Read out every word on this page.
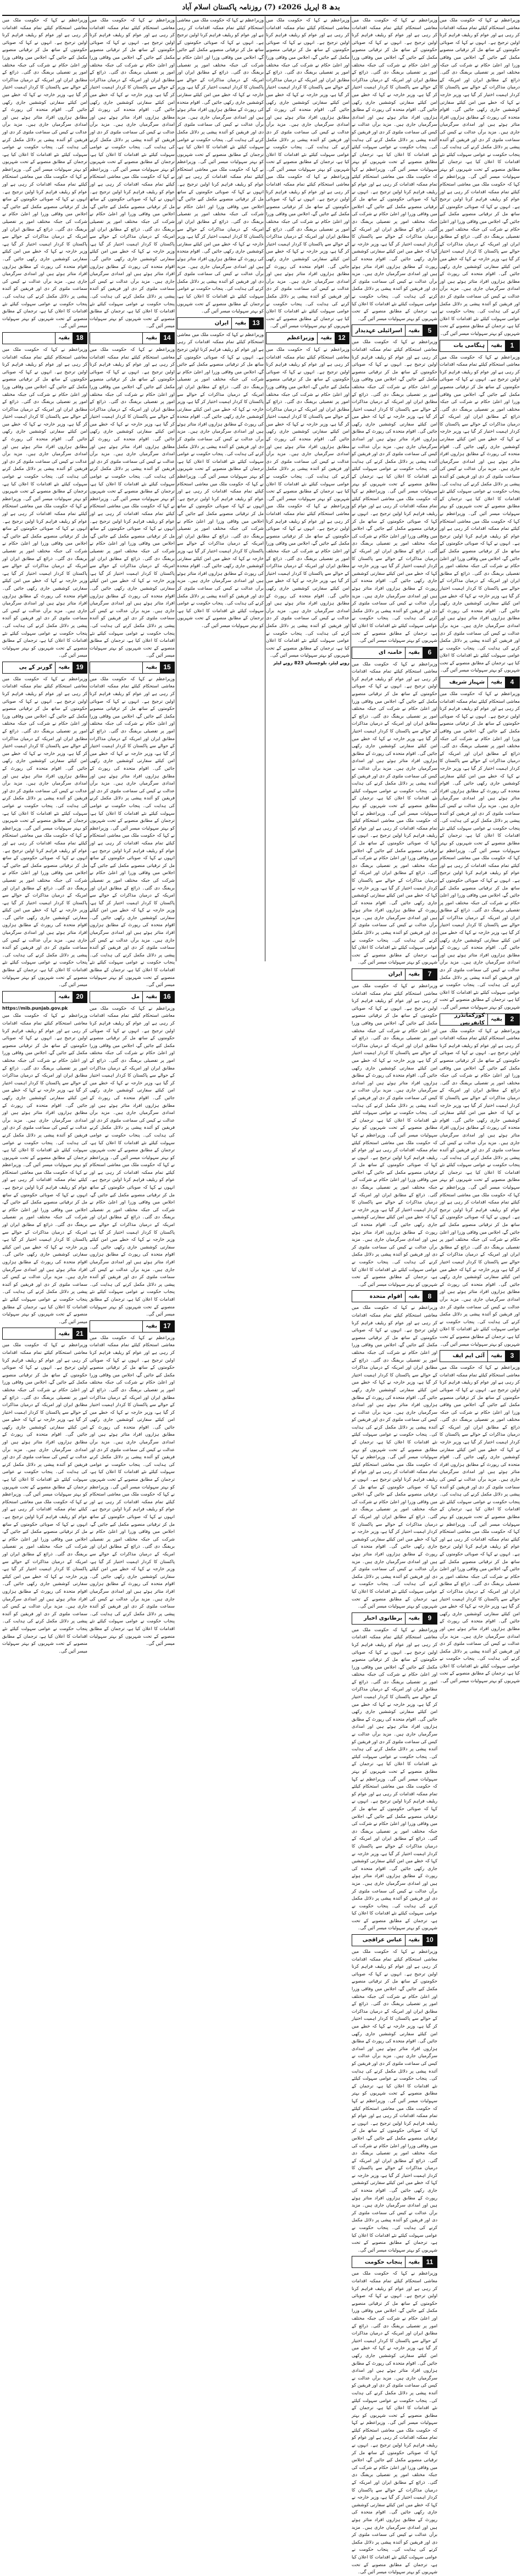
بدھ 8 اپریل 2026ء (7) روزنامہ پاکستان اسلام آباد

وزیراعظم نے کہا کہ حکومت ملک میں معاشی استحکام کیلئے تمام ممکنہ اقدامات کر رہی ہے اور عوام کو ریلیف فراہم کرنا اولین ترجیح ہے۔ انہوں نے کہا کہ صوبائی حکومتوں کے ساتھ مل کر ترقیاتی منصوبے مکمل کیے جائیں گے، اجلاس میں وفاقی وزرا اور اعلیٰ حکام نے شرکت کی جبکہ مختلف امور پر تفصیلی بریفنگ دی گئی۔ ذرائع کے مطابق ایران اور امریکہ کے درمیان مذاکرات کے حوالے سے پاکستان کا کردار اہمیت اختیار کر گیا ہے، وزیر خارجہ نے کہا کہ خطے میں امن کیلئے سفارتی کوششیں جاری رکھی جائیں گی۔ اقوام متحدہ کی رپورٹ کے مطابق ہزاروں افراد متاثر ہوئے ہیں اور امدادی سرگرمیاں جاری ہیں۔ مزید برآں عدالت نے کیس کی سماعت ملتوی کر دی اور فریقین کو آئندہ پیشی پر دلائل مکمل کرنے کی ہدایت کی۔ پنجاب حکومت نے عوامی سہولت کیلئے نئے اقدامات کا اعلان کیا ہے، ترجمان کے مطابق منصوبے کے تحت شہریوں کو بہتر سہولیات میسر آئیں گی۔ وزیراعظم نے کہا کہ حکومت ملک میں معاشی استحکام کیلئے تمام ممکنہ اقدامات کر رہی ہے اور عوام کو ریلیف فراہم کرنا اولین ترجیح ہے۔ انہوں نے کہا کہ صوبائی حکومتوں کے ساتھ مل کر ترقیاتی منصوبے مکمل کیے جائیں گے، اجلاس میں وفاقی وزرا اور اعلیٰ حکام نے شرکت کی جبکہ مختلف امور پر تفصیلی بریفنگ دی گئی۔ ذرائع کے مطابق ایران اور امریکہ کے درمیان مذاکرات کے حوالے سے پاکستان کا کردار اہمیت اختیار کر گیا ہے، وزیر خارجہ نے کہا کہ خطے میں امن کیلئے سفارتی کوششیں جاری رکھی جائیں گی۔ اقوام متحدہ کی رپورٹ کے مطابق ہزاروں افراد متاثر ہوئے ہیں اور امدادی سرگرمیاں جاری ہیں۔ مزید برآں عدالت نے کیس کی سماعت ملتوی کر دی اور فریقین کو آئندہ پیشی پر دلائل مکمل کرنے کی ہدایت کی۔ پنجاب حکومت نے عوامی سہولت کیلئے نئے اقدامات کا اعلان کیا ہے، ترجمان کے مطابق منصوبے کے تحت شہریوں کو بہتر سہولیات میسر آئیں گی۔

1
بقیہ
ہنگامی بات

وزیراعظم نے کہا کہ حکومت ملک میں معاشی استحکام کیلئے تمام ممکنہ اقدامات کر رہی ہے اور عوام کو ریلیف فراہم کرنا اولین ترجیح ہے۔ انہوں نے کہا کہ صوبائی حکومتوں کے ساتھ مل کر ترقیاتی منصوبے مکمل کیے جائیں گے، اجلاس میں وفاقی وزرا اور اعلیٰ حکام نے شرکت کی جبکہ مختلف امور پر تفصیلی بریفنگ دی گئی۔ ذرائع کے مطابق ایران اور امریکہ کے درمیان مذاکرات کے حوالے سے پاکستان کا کردار اہمیت اختیار کر گیا ہے، وزیر خارجہ نے کہا کہ خطے میں امن کیلئے سفارتی کوششیں جاری رکھی جائیں گی۔ اقوام متحدہ کی رپورٹ کے مطابق ہزاروں افراد متاثر ہوئے ہیں اور امدادی سرگرمیاں جاری ہیں۔ مزید برآں عدالت نے کیس کی سماعت ملتوی کر دی اور فریقین کو آئندہ پیشی پر دلائل مکمل کرنے کی ہدایت کی۔ پنجاب حکومت نے عوامی سہولت کیلئے نئے اقدامات کا اعلان کیا ہے، ترجمان کے مطابق منصوبے کے تحت شہریوں کو بہتر سہولیات میسر آئیں گی۔ وزیراعظم نے کہا کہ حکومت ملک میں معاشی استحکام کیلئے تمام ممکنہ اقدامات کر رہی ہے اور عوام کو ریلیف فراہم کرنا اولین ترجیح ہے۔ انہوں نے کہا کہ صوبائی حکومتوں کے ساتھ مل کر ترقیاتی منصوبے مکمل کیے جائیں گے، اجلاس میں وفاقی وزرا اور اعلیٰ حکام نے شرکت کی جبکہ مختلف امور پر تفصیلی بریفنگ دی گئی۔ ذرائع کے مطابق ایران اور امریکہ کے درمیان مذاکرات کے حوالے سے پاکستان کا کردار اہمیت اختیار کر گیا ہے، وزیر خارجہ نے کہا کہ خطے میں امن کیلئے سفارتی کوششیں جاری رکھی جائیں گی۔ اقوام متحدہ کی رپورٹ کے مطابق ہزاروں افراد متاثر ہوئے ہیں اور امدادی سرگرمیاں جاری ہیں۔ مزید برآں عدالت نے کیس کی سماعت ملتوی کر دی اور فریقین کو آئندہ پیشی پر دلائل مکمل کرنے کی ہدایت کی۔ پنجاب حکومت نے عوامی سہولت کیلئے نئے اقدامات کا اعلان کیا ہے، ترجمان کے مطابق منصوبے کے تحت شہریوں کو بہتر سہولیات میسر آئیں گی۔

4
بقیہ
شہباز شریف

وزیراعظم نے کہا کہ حکومت ملک میں معاشی استحکام کیلئے تمام ممکنہ اقدامات کر رہی ہے اور عوام کو ریلیف فراہم کرنا اولین ترجیح ہے۔ انہوں نے کہا کہ صوبائی حکومتوں کے ساتھ مل کر ترقیاتی منصوبے مکمل کیے جائیں گے، اجلاس میں وفاقی وزرا اور اعلیٰ حکام نے شرکت کی جبکہ مختلف امور پر تفصیلی بریفنگ دی گئی۔ ذرائع کے مطابق ایران اور امریکہ کے درمیان مذاکرات کے حوالے سے پاکستان کا کردار اہمیت اختیار کر گیا ہے، وزیر خارجہ نے کہا کہ خطے میں امن کیلئے سفارتی کوششیں جاری رکھی جائیں گی۔ اقوام متحدہ کی رپورٹ کے مطابق ہزاروں افراد متاثر ہوئے ہیں اور امدادی سرگرمیاں جاری ہیں۔ مزید برآں عدالت نے کیس کی سماعت ملتوی کر دی اور فریقین کو آئندہ پیشی پر دلائل مکمل کرنے کی ہدایت کی۔ پنجاب حکومت نے عوامی سہولت کیلئے نئے اقدامات کا اعلان کیا ہے، ترجمان کے مطابق منصوبے کے تحت شہریوں کو بہتر سہولیات میسر آئیں گی۔ وزیراعظم نے کہا کہ حکومت ملک میں معاشی استحکام کیلئے تمام ممکنہ اقدامات کر رہی ہے اور عوام کو ریلیف فراہم کرنا اولین ترجیح ہے۔ انہوں نے کہا کہ صوبائی حکومتوں کے ساتھ مل کر ترقیاتی منصوبے مکمل کیے جائیں گے، اجلاس میں وفاقی وزرا اور اعلیٰ حکام نے شرکت کی جبکہ مختلف امور پر تفصیلی بریفنگ دی گئی۔ ذرائع کے مطابق ایران اور امریکہ کے درمیان مذاکرات کے حوالے سے پاکستان کا کردار اہمیت اختیار کر گیا ہے، وزیر خارجہ نے کہا کہ خطے میں امن کیلئے سفارتی کوششیں جاری رکھی جائیں گی۔ اقوام متحدہ کی رپورٹ کے مطابق ہزاروں افراد متاثر ہوئے ہیں اور امدادی سرگرمیاں جاری ہیں۔ مزید برآں عدالت نے کیس کی سماعت ملتوی کر دی اور فریقین کو آئندہ پیشی پر دلائل مکمل کرنے کی ہدایت کی۔ پنجاب حکومت نے عوامی سہولت کیلئے نئے اقدامات کا اعلان کیا ہے، ترجمان کے مطابق منصوبے کے تحت شہریوں کو بہتر سہولیات میسر آئیں گی۔

2
بقیہ
کورکمانڈرز کانفرنس

وزیراعظم نے کہا کہ حکومت ملک میں معاشی استحکام کیلئے تمام ممکنہ اقدامات کر رہی ہے اور عوام کو ریلیف فراہم کرنا اولین ترجیح ہے۔ انہوں نے کہا کہ صوبائی حکومتوں کے ساتھ مل کر ترقیاتی منصوبے مکمل کیے جائیں گے، اجلاس میں وفاقی وزرا اور اعلیٰ حکام نے شرکت کی جبکہ مختلف امور پر تفصیلی بریفنگ دی گئی۔ ذرائع کے مطابق ایران اور امریکہ کے درمیان مذاکرات کے حوالے سے پاکستان کا کردار اہمیت اختیار کر گیا ہے، وزیر خارجہ نے کہا کہ خطے میں امن کیلئے سفارتی کوششیں جاری رکھی جائیں گی۔ اقوام متحدہ کی رپورٹ کے مطابق ہزاروں افراد متاثر ہوئے ہیں اور امدادی سرگرمیاں جاری ہیں۔ مزید برآں عدالت نے کیس کی سماعت ملتوی کر دی اور فریقین کو آئندہ پیشی پر دلائل مکمل کرنے کی ہدایت کی۔ پنجاب حکومت نے عوامی سہولت کیلئے نئے اقدامات کا اعلان کیا ہے، ترجمان کے مطابق منصوبے کے تحت شہریوں کو بہتر سہولیات میسر آئیں گی۔ وزیراعظم نے کہا کہ حکومت ملک میں معاشی استحکام کیلئے تمام ممکنہ اقدامات کر رہی ہے اور عوام کو ریلیف فراہم کرنا اولین ترجیح ہے۔ انہوں نے کہا کہ صوبائی حکومتوں کے ساتھ مل کر ترقیاتی منصوبے مکمل کیے جائیں گے، اجلاس میں وفاقی وزرا اور اعلیٰ حکام نے شرکت کی جبکہ مختلف امور پر تفصیلی بریفنگ دی گئی۔ ذرائع کے مطابق ایران اور امریکہ کے درمیان مذاکرات کے حوالے سے پاکستان کا کردار اہمیت اختیار کر گیا ہے، وزیر خارجہ نے کہا کہ خطے میں امن کیلئے سفارتی کوششیں جاری رکھی جائیں گی۔ اقوام متحدہ کی رپورٹ کے مطابق ہزاروں افراد متاثر ہوئے ہیں اور امدادی سرگرمیاں جاری ہیں۔ مزید برآں عدالت نے کیس کی سماعت ملتوی کر دی اور فریقین کو آئندہ پیشی پر دلائل مکمل کرنے کی ہدایت کی۔ پنجاب حکومت نے عوامی سہولت کیلئے نئے اقدامات کا اعلان کیا ہے، ترجمان کے مطابق منصوبے کے تحت شہریوں کو بہتر سہولیات میسر آئیں گی۔

3
بقیہ
آئی ایم ایف

وزیراعظم نے کہا کہ حکومت ملک میں معاشی استحکام کیلئے تمام ممکنہ اقدامات کر رہی ہے اور عوام کو ریلیف فراہم کرنا اولین ترجیح ہے۔ انہوں نے کہا کہ صوبائی حکومتوں کے ساتھ مل کر ترقیاتی منصوبے مکمل کیے جائیں گے، اجلاس میں وفاقی وزرا اور اعلیٰ حکام نے شرکت کی جبکہ مختلف امور پر تفصیلی بریفنگ دی گئی۔ ذرائع کے مطابق ایران اور امریکہ کے درمیان مذاکرات کے حوالے سے پاکستان کا کردار اہمیت اختیار کر گیا ہے، وزیر خارجہ نے کہا کہ خطے میں امن کیلئے سفارتی کوششیں جاری رکھی جائیں گی۔ اقوام متحدہ کی رپورٹ کے مطابق ہزاروں افراد متاثر ہوئے ہیں اور امدادی سرگرمیاں جاری ہیں۔ مزید برآں عدالت نے کیس کی سماعت ملتوی کر دی اور فریقین کو آئندہ پیشی پر دلائل مکمل کرنے کی ہدایت کی۔ پنجاب حکومت نے عوامی سہولت کیلئے نئے اقدامات کا اعلان کیا ہے، ترجمان کے مطابق منصوبے کے تحت شہریوں کو بہتر سہولیات میسر آئیں گی۔ وزیراعظم نے کہا کہ حکومت ملک میں معاشی استحکام کیلئے تمام ممکنہ اقدامات کر رہی ہے اور عوام کو ریلیف فراہم کرنا اولین ترجیح ہے۔ انہوں نے کہا کہ صوبائی حکومتوں کے ساتھ مل کر ترقیاتی منصوبے مکمل کیے جائیں گے، اجلاس میں وفاقی وزرا اور اعلیٰ حکام نے شرکت کی جبکہ مختلف امور پر تفصیلی بریفنگ دی گئی۔ ذرائع کے مطابق ایران اور امریکہ کے درمیان مذاکرات کے حوالے سے پاکستان کا کردار اہمیت اختیار کر گیا ہے، وزیر خارجہ نے کہا کہ خطے میں امن کیلئے سفارتی کوششیں جاری رکھی جائیں گی۔ اقوام متحدہ کی رپورٹ کے مطابق ہزاروں افراد متاثر ہوئے ہیں اور امدادی سرگرمیاں جاری ہیں۔ مزید برآں عدالت نے کیس کی سماعت ملتوی کر دی اور فریقین کو آئندہ پیشی پر دلائل مکمل کرنے کی ہدایت کی۔ پنجاب حکومت نے عوامی سہولت کیلئے نئے اقدامات کا اعلان کیا ہے، ترجمان کے مطابق منصوبے کے تحت شہریوں کو بہتر سہولیات میسر آئیں گی۔

وزیراعظم نے کہا کہ حکومت ملک میں معاشی استحکام کیلئے تمام ممکنہ اقدامات کر رہی ہے اور عوام کو ریلیف فراہم کرنا اولین ترجیح ہے۔ انہوں نے کہا کہ صوبائی حکومتوں کے ساتھ مل کر ترقیاتی منصوبے مکمل کیے جائیں گے، اجلاس میں وفاقی وزرا اور اعلیٰ حکام نے شرکت کی جبکہ مختلف امور پر تفصیلی بریفنگ دی گئی۔ ذرائع کے مطابق ایران اور امریکہ کے درمیان مذاکرات کے حوالے سے پاکستان کا کردار اہمیت اختیار کر گیا ہے، وزیر خارجہ نے کہا کہ خطے میں امن کیلئے سفارتی کوششیں جاری رکھی جائیں گی۔ اقوام متحدہ کی رپورٹ کے مطابق ہزاروں افراد متاثر ہوئے ہیں اور امدادی سرگرمیاں جاری ہیں۔ مزید برآں عدالت نے کیس کی سماعت ملتوی کر دی اور فریقین کو آئندہ پیشی پر دلائل مکمل کرنے کی ہدایت کی۔ پنجاب حکومت نے عوامی سہولت کیلئے نئے اقدامات کا اعلان کیا ہے، ترجمان کے مطابق منصوبے کے تحت شہریوں کو بہتر سہولیات میسر آئیں گی۔ وزیراعظم نے کہا کہ حکومت ملک میں معاشی استحکام کیلئے تمام ممکنہ اقدامات کر رہی ہے اور عوام کو ریلیف فراہم کرنا اولین ترجیح ہے۔ انہوں نے کہا کہ صوبائی حکومتوں کے ساتھ مل کر ترقیاتی منصوبے مکمل کیے جائیں گے، اجلاس میں وفاقی وزرا اور اعلیٰ حکام نے شرکت کی جبکہ مختلف امور پر تفصیلی بریفنگ دی گئی۔ ذرائع کے مطابق ایران اور امریکہ کے درمیان مذاکرات کے حوالے سے پاکستان کا کردار اہمیت اختیار کر گیا ہے، وزیر خارجہ نے کہا کہ خطے میں امن کیلئے سفارتی کوششیں جاری رکھی جائیں گی۔ اقوام متحدہ کی رپورٹ کے مطابق ہزاروں افراد متاثر ہوئے ہیں اور امدادی سرگرمیاں جاری ہیں۔ مزید برآں عدالت نے کیس کی سماعت ملتوی کر دی اور فریقین کو آئندہ پیشی پر دلائل مکمل کرنے کی ہدایت کی۔ پنجاب حکومت نے عوامی سہولت کیلئے نئے اقدامات کا اعلان کیا ہے، ترجمان کے مطابق منصوبے کے تحت شہریوں کو بہتر سہولیات میسر آئیں گی۔

5
بقیہ
اسرائیلی عہدیدار

وزیراعظم نے کہا کہ حکومت ملک میں معاشی استحکام کیلئے تمام ممکنہ اقدامات کر رہی ہے اور عوام کو ریلیف فراہم کرنا اولین ترجیح ہے۔ انہوں نے کہا کہ صوبائی حکومتوں کے ساتھ مل کر ترقیاتی منصوبے مکمل کیے جائیں گے، اجلاس میں وفاقی وزرا اور اعلیٰ حکام نے شرکت کی جبکہ مختلف امور پر تفصیلی بریفنگ دی گئی۔ ذرائع کے مطابق ایران اور امریکہ کے درمیان مذاکرات کے حوالے سے پاکستان کا کردار اہمیت اختیار کر گیا ہے، وزیر خارجہ نے کہا کہ خطے میں امن کیلئے سفارتی کوششیں جاری رکھی جائیں گی۔ اقوام متحدہ کی رپورٹ کے مطابق ہزاروں افراد متاثر ہوئے ہیں اور امدادی سرگرمیاں جاری ہیں۔ مزید برآں عدالت نے کیس کی سماعت ملتوی کر دی اور فریقین کو آئندہ پیشی پر دلائل مکمل کرنے کی ہدایت کی۔ پنجاب حکومت نے عوامی سہولت کیلئے نئے اقدامات کا اعلان کیا ہے، ترجمان کے مطابق منصوبے کے تحت شہریوں کو بہتر سہولیات میسر آئیں گی۔ وزیراعظم نے کہا کہ حکومت ملک میں معاشی استحکام کیلئے تمام ممکنہ اقدامات کر رہی ہے اور عوام کو ریلیف فراہم کرنا اولین ترجیح ہے۔ انہوں نے کہا کہ صوبائی حکومتوں کے ساتھ مل کر ترقیاتی منصوبے مکمل کیے جائیں گے، اجلاس میں وفاقی وزرا اور اعلیٰ حکام نے شرکت کی جبکہ مختلف امور پر تفصیلی بریفنگ دی گئی۔ ذرائع کے مطابق ایران اور امریکہ کے درمیان مذاکرات کے حوالے سے پاکستان کا کردار اہمیت اختیار کر گیا ہے، وزیر خارجہ نے کہا کہ خطے میں امن کیلئے سفارتی کوششیں جاری رکھی جائیں گی۔ اقوام متحدہ کی رپورٹ کے مطابق ہزاروں افراد متاثر ہوئے ہیں اور امدادی سرگرمیاں جاری ہیں۔ مزید برآں عدالت نے کیس کی سماعت ملتوی کر دی اور فریقین کو آئندہ پیشی پر دلائل مکمل کرنے کی ہدایت کی۔ پنجاب حکومت نے عوامی سہولت کیلئے نئے اقدامات کا اعلان کیا ہے، ترجمان کے مطابق منصوبے کے تحت شہریوں کو بہتر سہولیات میسر آئیں گی۔

6
بقیہ
خامنہ ای

وزیراعظم نے کہا کہ حکومت ملک میں معاشی استحکام کیلئے تمام ممکنہ اقدامات کر رہی ہے اور عوام کو ریلیف فراہم کرنا اولین ترجیح ہے۔ انہوں نے کہا کہ صوبائی حکومتوں کے ساتھ مل کر ترقیاتی منصوبے مکمل کیے جائیں گے، اجلاس میں وفاقی وزرا اور اعلیٰ حکام نے شرکت کی جبکہ مختلف امور پر تفصیلی بریفنگ دی گئی۔ ذرائع کے مطابق ایران اور امریکہ کے درمیان مذاکرات کے حوالے سے پاکستان کا کردار اہمیت اختیار کر گیا ہے، وزیر خارجہ نے کہا کہ خطے میں امن کیلئے سفارتی کوششیں جاری رکھی جائیں گی۔ اقوام متحدہ کی رپورٹ کے مطابق ہزاروں افراد متاثر ہوئے ہیں اور امدادی سرگرمیاں جاری ہیں۔ مزید برآں عدالت نے کیس کی سماعت ملتوی کر دی اور فریقین کو آئندہ پیشی پر دلائل مکمل کرنے کی ہدایت کی۔ پنجاب حکومت نے عوامی سہولت کیلئے نئے اقدامات کا اعلان کیا ہے، ترجمان کے مطابق منصوبے کے تحت شہریوں کو بہتر سہولیات میسر آئیں گی۔ وزیراعظم نے کہا کہ حکومت ملک میں معاشی استحکام کیلئے تمام ممکنہ اقدامات کر رہی ہے اور عوام کو ریلیف فراہم کرنا اولین ترجیح ہے۔ انہوں نے کہا کہ صوبائی حکومتوں کے ساتھ مل کر ترقیاتی منصوبے مکمل کیے جائیں گے، اجلاس میں وفاقی وزرا اور اعلیٰ حکام نے شرکت کی جبکہ مختلف امور پر تفصیلی بریفنگ دی گئی۔ ذرائع کے مطابق ایران اور امریکہ کے درمیان مذاکرات کے حوالے سے پاکستان کا کردار اہمیت اختیار کر گیا ہے، وزیر خارجہ نے کہا کہ خطے میں امن کیلئے سفارتی کوششیں جاری رکھی جائیں گی۔ اقوام متحدہ کی رپورٹ کے مطابق ہزاروں افراد متاثر ہوئے ہیں اور امدادی سرگرمیاں جاری ہیں۔ مزید برآں عدالت نے کیس کی سماعت ملتوی کر دی اور فریقین کو آئندہ پیشی پر دلائل مکمل کرنے کی ہدایت کی۔ پنجاب حکومت نے عوامی سہولت کیلئے نئے اقدامات کا اعلان کیا ہے، ترجمان کے مطابق منصوبے کے تحت شہریوں کو بہتر سہولیات میسر آئیں گی۔

7
بقیہ
ایران

وزیراعظم نے کہا کہ حکومت ملک میں معاشی استحکام کیلئے تمام ممکنہ اقدامات کر رہی ہے اور عوام کو ریلیف فراہم کرنا اولین ترجیح ہے۔ انہوں نے کہا کہ صوبائی حکومتوں کے ساتھ مل کر ترقیاتی منصوبے مکمل کیے جائیں گے، اجلاس میں وفاقی وزرا اور اعلیٰ حکام نے شرکت کی جبکہ مختلف امور پر تفصیلی بریفنگ دی گئی۔ ذرائع کے مطابق ایران اور امریکہ کے درمیان مذاکرات کے حوالے سے پاکستان کا کردار اہمیت اختیار کر گیا ہے، وزیر خارجہ نے کہا کہ خطے میں امن کیلئے سفارتی کوششیں جاری رکھی جائیں گی۔ اقوام متحدہ کی رپورٹ کے مطابق ہزاروں افراد متاثر ہوئے ہیں اور امدادی سرگرمیاں جاری ہیں۔ مزید برآں عدالت نے کیس کی سماعت ملتوی کر دی اور فریقین کو آئندہ پیشی پر دلائل مکمل کرنے کی ہدایت کی۔ پنجاب حکومت نے عوامی سہولت کیلئے نئے اقدامات کا اعلان کیا ہے، ترجمان کے مطابق منصوبے کے تحت شہریوں کو بہتر سہولیات میسر آئیں گی۔ وزیراعظم نے کہا کہ حکومت ملک میں معاشی استحکام کیلئے تمام ممکنہ اقدامات کر رہی ہے اور عوام کو ریلیف فراہم کرنا اولین ترجیح ہے۔ انہوں نے کہا کہ صوبائی حکومتوں کے ساتھ مل کر ترقیاتی منصوبے مکمل کیے جائیں گے، اجلاس میں وفاقی وزرا اور اعلیٰ حکام نے شرکت کی جبکہ مختلف امور پر تفصیلی بریفنگ دی گئی۔ ذرائع کے مطابق ایران اور امریکہ کے درمیان مذاکرات کے حوالے سے پاکستان کا کردار اہمیت اختیار کر گیا ہے، وزیر خارجہ نے کہا کہ خطے میں امن کیلئے سفارتی کوششیں جاری رکھی جائیں گی۔ اقوام متحدہ کی رپورٹ کے مطابق ہزاروں افراد متاثر ہوئے ہیں اور امدادی سرگرمیاں جاری ہیں۔ مزید برآں عدالت نے کیس کی سماعت ملتوی کر دی اور فریقین کو آئندہ پیشی پر دلائل مکمل کرنے کی ہدایت کی۔ پنجاب حکومت نے عوامی سہولت کیلئے نئے اقدامات کا اعلان کیا ہے، ترجمان کے مطابق منصوبے کے تحت شہریوں کو بہتر سہولیات میسر آئیں گی۔

8
بقیہ
اقوام متحدہ

وزیراعظم نے کہا کہ حکومت ملک میں معاشی استحکام کیلئے تمام ممکنہ اقدامات کر رہی ہے اور عوام کو ریلیف فراہم کرنا اولین ترجیح ہے۔ انہوں نے کہا کہ صوبائی حکومتوں کے ساتھ مل کر ترقیاتی منصوبے مکمل کیے جائیں گے، اجلاس میں وفاقی وزرا اور اعلیٰ حکام نے شرکت کی جبکہ مختلف امور پر تفصیلی بریفنگ دی گئی۔ ذرائع کے مطابق ایران اور امریکہ کے درمیان مذاکرات کے حوالے سے پاکستان کا کردار اہمیت اختیار کر گیا ہے، وزیر خارجہ نے کہا کہ خطے میں امن کیلئے سفارتی کوششیں جاری رکھی جائیں گی۔ اقوام متحدہ کی رپورٹ کے مطابق ہزاروں افراد متاثر ہوئے ہیں اور امدادی سرگرمیاں جاری ہیں۔ مزید برآں عدالت نے کیس کی سماعت ملتوی کر دی اور فریقین کو آئندہ پیشی پر دلائل مکمل کرنے کی ہدایت کی۔ پنجاب حکومت نے عوامی سہولت کیلئے نئے اقدامات کا اعلان کیا ہے، ترجمان کے مطابق منصوبے کے تحت شہریوں کو بہتر سہولیات میسر آئیں گی۔ وزیراعظم نے کہا کہ حکومت ملک میں معاشی استحکام کیلئے تمام ممکنہ اقدامات کر رہی ہے اور عوام کو ریلیف فراہم کرنا اولین ترجیح ہے۔ انہوں نے کہا کہ صوبائی حکومتوں کے ساتھ مل کر ترقیاتی منصوبے مکمل کیے جائیں گے، اجلاس میں وفاقی وزرا اور اعلیٰ حکام نے شرکت کی جبکہ مختلف امور پر تفصیلی بریفنگ دی گئی۔ ذرائع کے مطابق ایران اور امریکہ کے درمیان مذاکرات کے حوالے سے پاکستان کا کردار اہمیت اختیار کر گیا ہے، وزیر خارجہ نے کہا کہ خطے میں امن کیلئے سفارتی کوششیں جاری رکھی جائیں گی۔ اقوام متحدہ کی رپورٹ کے مطابق ہزاروں افراد متاثر ہوئے ہیں اور امدادی سرگرمیاں جاری ہیں۔ مزید برآں عدالت نے کیس کی سماعت ملتوی کر دی اور فریقین کو آئندہ پیشی پر دلائل مکمل کرنے کی ہدایت کی۔ پنجاب حکومت نے عوامی سہولت کیلئے نئے اقدامات کا اعلان کیا ہے، ترجمان کے مطابق منصوبے کے تحت شہریوں کو بہتر سہولیات میسر آئیں گی۔

9
بقیہ
برطانوی اخبار

وزیراعظم نے کہا کہ حکومت ملک میں معاشی استحکام کیلئے تمام ممکنہ اقدامات کر رہی ہے اور عوام کو ریلیف فراہم کرنا اولین ترجیح ہے۔ انہوں نے کہا کہ صوبائی حکومتوں کے ساتھ مل کر ترقیاتی منصوبے مکمل کیے جائیں گے، اجلاس میں وفاقی وزرا اور اعلیٰ حکام نے شرکت کی جبکہ مختلف امور پر تفصیلی بریفنگ دی گئی۔ ذرائع کے مطابق ایران اور امریکہ کے درمیان مذاکرات کے حوالے سے پاکستان کا کردار اہمیت اختیار کر گیا ہے، وزیر خارجہ نے کہا کہ خطے میں امن کیلئے سفارتی کوششیں جاری رکھی جائیں گی۔ اقوام متحدہ کی رپورٹ کے مطابق ہزاروں افراد متاثر ہوئے ہیں اور امدادی سرگرمیاں جاری ہیں۔ مزید برآں عدالت نے کیس کی سماعت ملتوی کر دی اور فریقین کو آئندہ پیشی پر دلائل مکمل کرنے کی ہدایت کی۔ پنجاب حکومت نے عوامی سہولت کیلئے نئے اقدامات کا اعلان کیا ہے، ترجمان کے مطابق منصوبے کے تحت شہریوں کو بہتر سہولیات میسر آئیں گی۔ وزیراعظم نے کہا کہ حکومت ملک میں معاشی استحکام کیلئے تمام ممکنہ اقدامات کر رہی ہے اور عوام کو ریلیف فراہم کرنا اولین ترجیح ہے۔ انہوں نے کہا کہ صوبائی حکومتوں کے ساتھ مل کر ترقیاتی منصوبے مکمل کیے جائیں گے، اجلاس میں وفاقی وزرا اور اعلیٰ حکام نے شرکت کی جبکہ مختلف امور پر تفصیلی بریفنگ دی گئی۔ ذرائع کے مطابق ایران اور امریکہ کے درمیان مذاکرات کے حوالے سے پاکستان کا کردار اہمیت اختیار کر گیا ہے، وزیر خارجہ نے کہا کہ خطے میں امن کیلئے سفارتی کوششیں جاری رکھی جائیں گی۔ اقوام متحدہ کی رپورٹ کے مطابق ہزاروں افراد متاثر ہوئے ہیں اور امدادی سرگرمیاں جاری ہیں۔ مزید برآں عدالت نے کیس کی سماعت ملتوی کر دی اور فریقین کو آئندہ پیشی پر دلائل مکمل کرنے کی ہدایت کی۔ پنجاب حکومت نے عوامی سہولت کیلئے نئے اقدامات کا اعلان کیا ہے، ترجمان کے مطابق منصوبے کے تحت شہریوں کو بہتر سہولیات میسر آئیں گی۔

10
بقیہ
عباس عراقچی

وزیراعظم نے کہا کہ حکومت ملک میں معاشی استحکام کیلئے تمام ممکنہ اقدامات کر رہی ہے اور عوام کو ریلیف فراہم کرنا اولین ترجیح ہے۔ انہوں نے کہا کہ صوبائی حکومتوں کے ساتھ مل کر ترقیاتی منصوبے مکمل کیے جائیں گے، اجلاس میں وفاقی وزرا اور اعلیٰ حکام نے شرکت کی جبکہ مختلف امور پر تفصیلی بریفنگ دی گئی۔ ذرائع کے مطابق ایران اور امریکہ کے درمیان مذاکرات کے حوالے سے پاکستان کا کردار اہمیت اختیار کر گیا ہے، وزیر خارجہ نے کہا کہ خطے میں امن کیلئے سفارتی کوششیں جاری رکھی جائیں گی۔ اقوام متحدہ کی رپورٹ کے مطابق ہزاروں افراد متاثر ہوئے ہیں اور امدادی سرگرمیاں جاری ہیں۔ مزید برآں عدالت نے کیس کی سماعت ملتوی کر دی اور فریقین کو آئندہ پیشی پر دلائل مکمل کرنے کی ہدایت کی۔ پنجاب حکومت نے عوامی سہولت کیلئے نئے اقدامات کا اعلان کیا ہے، ترجمان کے مطابق منصوبے کے تحت شہریوں کو بہتر سہولیات میسر آئیں گی۔ وزیراعظم نے کہا کہ حکومت ملک میں معاشی استحکام کیلئے تمام ممکنہ اقدامات کر رہی ہے اور عوام کو ریلیف فراہم کرنا اولین ترجیح ہے۔ انہوں نے کہا کہ صوبائی حکومتوں کے ساتھ مل کر ترقیاتی منصوبے مکمل کیے جائیں گے، اجلاس میں وفاقی وزرا اور اعلیٰ حکام نے شرکت کی جبکہ مختلف امور پر تفصیلی بریفنگ دی گئی۔ ذرائع کے مطابق ایران اور امریکہ کے درمیان مذاکرات کے حوالے سے پاکستان کا کردار اہمیت اختیار کر گیا ہے، وزیر خارجہ نے کہا کہ خطے میں امن کیلئے سفارتی کوششیں جاری رکھی جائیں گی۔ اقوام متحدہ کی رپورٹ کے مطابق ہزاروں افراد متاثر ہوئے ہیں اور امدادی سرگرمیاں جاری ہیں۔ مزید برآں عدالت نے کیس کی سماعت ملتوی کر دی اور فریقین کو آئندہ پیشی پر دلائل مکمل کرنے کی ہدایت کی۔ پنجاب حکومت نے عوامی سہولت کیلئے نئے اقدامات کا اعلان کیا ہے، ترجمان کے مطابق منصوبے کے تحت شہریوں کو بہتر سہولیات میسر آئیں گی۔

11
بقیہ
پنجاب حکومت

وزیراعظم نے کہا کہ حکومت ملک میں معاشی استحکام کیلئے تمام ممکنہ اقدامات کر رہی ہے اور عوام کو ریلیف فراہم کرنا اولین ترجیح ہے۔ انہوں نے کہا کہ صوبائی حکومتوں کے ساتھ مل کر ترقیاتی منصوبے مکمل کیے جائیں گے، اجلاس میں وفاقی وزرا اور اعلیٰ حکام نے شرکت کی جبکہ مختلف امور پر تفصیلی بریفنگ دی گئی۔ ذرائع کے مطابق ایران اور امریکہ کے درمیان مذاکرات کے حوالے سے پاکستان کا کردار اہمیت اختیار کر گیا ہے، وزیر خارجہ نے کہا کہ خطے میں امن کیلئے سفارتی کوششیں جاری رکھی جائیں گی۔ اقوام متحدہ کی رپورٹ کے مطابق ہزاروں افراد متاثر ہوئے ہیں اور امدادی سرگرمیاں جاری ہیں۔ مزید برآں عدالت نے کیس کی سماعت ملتوی کر دی اور فریقین کو آئندہ پیشی پر دلائل مکمل کرنے کی ہدایت کی۔ پنجاب حکومت نے عوامی سہولت کیلئے نئے اقدامات کا اعلان کیا ہے، ترجمان کے مطابق منصوبے کے تحت شہریوں کو بہتر سہولیات میسر آئیں گی۔ وزیراعظم نے کہا کہ حکومت ملک میں معاشی استحکام کیلئے تمام ممکنہ اقدامات کر رہی ہے اور عوام کو ریلیف فراہم کرنا اولین ترجیح ہے۔ انہوں نے کہا کہ صوبائی حکومتوں کے ساتھ مل کر ترقیاتی منصوبے مکمل کیے جائیں گے، اجلاس میں وفاقی وزرا اور اعلیٰ حکام نے شرکت کی جبکہ مختلف امور پر تفصیلی بریفنگ دی گئی۔ ذرائع کے مطابق ایران اور امریکہ کے درمیان مذاکرات کے حوالے سے پاکستان کا کردار اہمیت اختیار کر گیا ہے، وزیر خارجہ نے کہا کہ خطے میں امن کیلئے سفارتی کوششیں جاری رکھی جائیں گی۔ اقوام متحدہ کی رپورٹ کے مطابق ہزاروں افراد متاثر ہوئے ہیں اور امدادی سرگرمیاں جاری ہیں۔ مزید برآں عدالت نے کیس کی سماعت ملتوی کر دی اور فریقین کو آئندہ پیشی پر دلائل مکمل کرنے کی ہدایت کی۔ پنجاب حکومت نے عوامی سہولت کیلئے نئے اقدامات کا اعلان کیا ہے، ترجمان کے مطابق منصوبے کے تحت شہریوں کو بہتر سہولیات میسر آئیں گی۔

وزیراعظم نے کہا کہ حکومت ملک میں معاشی استحکام کیلئے تمام ممکنہ اقدامات کر رہی ہے اور عوام کو ریلیف فراہم کرنا اولین ترجیح ہے۔ انہوں نے کہا کہ صوبائی حکومتوں کے ساتھ مل کر ترقیاتی منصوبے مکمل کیے جائیں گے، اجلاس میں وفاقی وزرا اور اعلیٰ حکام نے شرکت کی جبکہ مختلف امور پر تفصیلی بریفنگ دی گئی۔ ذرائع کے مطابق ایران اور امریکہ کے درمیان مذاکرات کے حوالے سے پاکستان کا کردار اہمیت اختیار کر گیا ہے، وزیر خارجہ نے کہا کہ خطے میں امن کیلئے سفارتی کوششیں جاری رکھی جائیں گی۔ اقوام متحدہ کی رپورٹ کے مطابق ہزاروں افراد متاثر ہوئے ہیں اور امدادی سرگرمیاں جاری ہیں۔ مزید برآں عدالت نے کیس کی سماعت ملتوی کر دی اور فریقین کو آئندہ پیشی پر دلائل مکمل کرنے کی ہدایت کی۔ پنجاب حکومت نے عوامی سہولت کیلئے نئے اقدامات کا اعلان کیا ہے، ترجمان کے مطابق منصوبے کے تحت شہریوں کو بہتر سہولیات میسر آئیں گی۔ وزیراعظم نے کہا کہ حکومت ملک میں معاشی استحکام کیلئے تمام ممکنہ اقدامات کر رہی ہے اور عوام کو ریلیف فراہم کرنا اولین ترجیح ہے۔ انہوں نے کہا کہ صوبائی حکومتوں کے ساتھ مل کر ترقیاتی منصوبے مکمل کیے جائیں گے، اجلاس میں وفاقی وزرا اور اعلیٰ حکام نے شرکت کی جبکہ مختلف امور پر تفصیلی بریفنگ دی گئی۔ ذرائع کے مطابق ایران اور امریکہ کے درمیان مذاکرات کے حوالے سے پاکستان کا کردار اہمیت اختیار کر گیا ہے، وزیر خارجہ نے کہا کہ خطے میں امن کیلئے سفارتی کوششیں جاری رکھی جائیں گی۔ اقوام متحدہ کی رپورٹ کے مطابق ہزاروں افراد متاثر ہوئے ہیں اور امدادی سرگرمیاں جاری ہیں۔ مزید برآں عدالت نے کیس کی سماعت ملتوی کر دی اور فریقین کو آئندہ پیشی پر دلائل مکمل کرنے کی ہدایت کی۔ پنجاب حکومت نے عوامی سہولت کیلئے نئے اقدامات کا اعلان کیا ہے، ترجمان کے مطابق منصوبے کے تحت شہریوں کو بہتر سہولیات میسر آئیں گی۔

12
بقیہ
وزیراعظم

وزیراعظم نے کہا کہ حکومت ملک میں معاشی استحکام کیلئے تمام ممکنہ اقدامات کر رہی ہے اور عوام کو ریلیف فراہم کرنا اولین ترجیح ہے۔ انہوں نے کہا کہ صوبائی حکومتوں کے ساتھ مل کر ترقیاتی منصوبے مکمل کیے جائیں گے، اجلاس میں وفاقی وزرا اور اعلیٰ حکام نے شرکت کی جبکہ مختلف امور پر تفصیلی بریفنگ دی گئی۔ ذرائع کے مطابق ایران اور امریکہ کے درمیان مذاکرات کے حوالے سے پاکستان کا کردار اہمیت اختیار کر گیا ہے، وزیر خارجہ نے کہا کہ خطے میں امن کیلئے سفارتی کوششیں جاری رکھی جائیں گی۔ اقوام متحدہ کی رپورٹ کے مطابق ہزاروں افراد متاثر ہوئے ہیں اور امدادی سرگرمیاں جاری ہیں۔ مزید برآں عدالت نے کیس کی سماعت ملتوی کر دی اور فریقین کو آئندہ پیشی پر دلائل مکمل کرنے کی ہدایت کی۔ پنجاب حکومت نے عوامی سہولت کیلئے نئے اقدامات کا اعلان کیا ہے، ترجمان کے مطابق منصوبے کے تحت شہریوں کو بہتر سہولیات میسر آئیں گی۔ وزیراعظم نے کہا کہ حکومت ملک میں معاشی استحکام کیلئے تمام ممکنہ اقدامات کر رہی ہے اور عوام کو ریلیف فراہم کرنا اولین ترجیح ہے۔ انہوں نے کہا کہ صوبائی حکومتوں کے ساتھ مل کر ترقیاتی منصوبے مکمل کیے جائیں گے، اجلاس میں وفاقی وزرا اور اعلیٰ حکام نے شرکت کی جبکہ مختلف امور پر تفصیلی بریفنگ دی گئی۔ ذرائع کے مطابق ایران اور امریکہ کے درمیان مذاکرات کے حوالے سے پاکستان کا کردار اہمیت اختیار کر گیا ہے، وزیر خارجہ نے کہا کہ خطے میں امن کیلئے سفارتی کوششیں جاری رکھی جائیں گی۔ اقوام متحدہ کی رپورٹ کے مطابق ہزاروں افراد متاثر ہوئے ہیں اور امدادی سرگرمیاں جاری ہیں۔ مزید برآں عدالت نے کیس کی سماعت ملتوی کر دی اور فریقین کو آئندہ پیشی پر دلائل مکمل کرنے کی ہدایت کی۔ پنجاب حکومت نے عوامی سہولت کیلئے نئے اقدامات کا اعلان کیا ہے، ترجمان کے مطابق منصوبے کے تحت شہریوں کو بہتر سہولیات میسر آئیں گی۔

روپے لیٹر، بلوچستان 823 روپے لیٹر

وزیراعظم نے کہا کہ حکومت ملک میں معاشی استحکام کیلئے تمام ممکنہ اقدامات کر رہی ہے اور عوام کو ریلیف فراہم کرنا اولین ترجیح ہے۔ انہوں نے کہا کہ صوبائی حکومتوں کے ساتھ مل کر ترقیاتی منصوبے مکمل کیے جائیں گے، اجلاس میں وفاقی وزرا اور اعلیٰ حکام نے شرکت کی جبکہ مختلف امور پر تفصیلی بریفنگ دی گئی۔ ذرائع کے مطابق ایران اور امریکہ کے درمیان مذاکرات کے حوالے سے پاکستان کا کردار اہمیت اختیار کر گیا ہے، وزیر خارجہ نے کہا کہ خطے میں امن کیلئے سفارتی کوششیں جاری رکھی جائیں گی۔ اقوام متحدہ کی رپورٹ کے مطابق ہزاروں افراد متاثر ہوئے ہیں اور امدادی سرگرمیاں جاری ہیں۔ مزید برآں عدالت نے کیس کی سماعت ملتوی کر دی اور فریقین کو آئندہ پیشی پر دلائل مکمل کرنے کی ہدایت کی۔ پنجاب حکومت نے عوامی سہولت کیلئے نئے اقدامات کا اعلان کیا ہے، ترجمان کے مطابق منصوبے کے تحت شہریوں کو بہتر سہولیات میسر آئیں گی۔ وزیراعظم نے کہا کہ حکومت ملک میں معاشی استحکام کیلئے تمام ممکنہ اقدامات کر رہی ہے اور عوام کو ریلیف فراہم کرنا اولین ترجیح ہے۔ انہوں نے کہا کہ صوبائی حکومتوں کے ساتھ مل کر ترقیاتی منصوبے مکمل کیے جائیں گے، اجلاس میں وفاقی وزرا اور اعلیٰ حکام نے شرکت کی جبکہ مختلف امور پر تفصیلی بریفنگ دی گئی۔ ذرائع کے مطابق ایران اور امریکہ کے درمیان مذاکرات کے حوالے سے پاکستان کا کردار اہمیت اختیار کر گیا ہے، وزیر خارجہ نے کہا کہ خطے میں امن کیلئے سفارتی کوششیں جاری رکھی جائیں گی۔ اقوام متحدہ کی رپورٹ کے مطابق ہزاروں افراد متاثر ہوئے ہیں اور امدادی سرگرمیاں جاری ہیں۔ مزید برآں عدالت نے کیس کی سماعت ملتوی کر دی اور فریقین کو آئندہ پیشی پر دلائل مکمل کرنے کی ہدایت کی۔ پنجاب حکومت نے عوامی سہولت کیلئے نئے اقدامات کا اعلان کیا ہے، ترجمان کے مطابق منصوبے کے تحت شہریوں کو بہتر سہولیات میسر آئیں گی۔

13
بقیہ
ایران

وزیراعظم نے کہا کہ حکومت ملک میں معاشی استحکام کیلئے تمام ممکنہ اقدامات کر رہی ہے اور عوام کو ریلیف فراہم کرنا اولین ترجیح ہے۔ انہوں نے کہا کہ صوبائی حکومتوں کے ساتھ مل کر ترقیاتی منصوبے مکمل کیے جائیں گے، اجلاس میں وفاقی وزرا اور اعلیٰ حکام نے شرکت کی جبکہ مختلف امور پر تفصیلی بریفنگ دی گئی۔ ذرائع کے مطابق ایران اور امریکہ کے درمیان مذاکرات کے حوالے سے پاکستان کا کردار اہمیت اختیار کر گیا ہے، وزیر خارجہ نے کہا کہ خطے میں امن کیلئے سفارتی کوششیں جاری رکھی جائیں گی۔ اقوام متحدہ کی رپورٹ کے مطابق ہزاروں افراد متاثر ہوئے ہیں اور امدادی سرگرمیاں جاری ہیں۔ مزید برآں عدالت نے کیس کی سماعت ملتوی کر دی اور فریقین کو آئندہ پیشی پر دلائل مکمل کرنے کی ہدایت کی۔ پنجاب حکومت نے عوامی سہولت کیلئے نئے اقدامات کا اعلان کیا ہے، ترجمان کے مطابق منصوبے کے تحت شہریوں کو بہتر سہولیات میسر آئیں گی۔ وزیراعظم نے کہا کہ حکومت ملک میں معاشی استحکام کیلئے تمام ممکنہ اقدامات کر رہی ہے اور عوام کو ریلیف فراہم کرنا اولین ترجیح ہے۔ انہوں نے کہا کہ صوبائی حکومتوں کے ساتھ مل کر ترقیاتی منصوبے مکمل کیے جائیں گے، اجلاس میں وفاقی وزرا اور اعلیٰ حکام نے شرکت کی جبکہ مختلف امور پر تفصیلی بریفنگ دی گئی۔ ذرائع کے مطابق ایران اور امریکہ کے درمیان مذاکرات کے حوالے سے پاکستان کا کردار اہمیت اختیار کر گیا ہے، وزیر خارجہ نے کہا کہ خطے میں امن کیلئے سفارتی کوششیں جاری رکھی جائیں گی۔ اقوام متحدہ کی رپورٹ کے مطابق ہزاروں افراد متاثر ہوئے ہیں اور امدادی سرگرمیاں جاری ہیں۔ مزید برآں عدالت نے کیس کی سماعت ملتوی کر دی اور فریقین کو آئندہ پیشی پر دلائل مکمل کرنے کی ہدایت کی۔ پنجاب حکومت نے عوامی سہولت کیلئے نئے اقدامات کا اعلان کیا ہے، ترجمان کے مطابق منصوبے کے تحت شہریوں کو بہتر سہولیات میسر آئیں گی۔

وزیراعظم نے کہا کہ حکومت ملک میں معاشی استحکام کیلئے تمام ممکنہ اقدامات کر رہی ہے اور عوام کو ریلیف فراہم کرنا اولین ترجیح ہے۔ انہوں نے کہا کہ صوبائی حکومتوں کے ساتھ مل کر ترقیاتی منصوبے مکمل کیے جائیں گے، اجلاس میں وفاقی وزرا اور اعلیٰ حکام نے شرکت کی جبکہ مختلف امور پر تفصیلی بریفنگ دی گئی۔ ذرائع کے مطابق ایران اور امریکہ کے درمیان مذاکرات کے حوالے سے پاکستان کا کردار اہمیت اختیار کر گیا ہے، وزیر خارجہ نے کہا کہ خطے میں امن کیلئے سفارتی کوششیں جاری رکھی جائیں گی۔ اقوام متحدہ کی رپورٹ کے مطابق ہزاروں افراد متاثر ہوئے ہیں اور امدادی سرگرمیاں جاری ہیں۔ مزید برآں عدالت نے کیس کی سماعت ملتوی کر دی اور فریقین کو آئندہ پیشی پر دلائل مکمل کرنے کی ہدایت کی۔ پنجاب حکومت نے عوامی سہولت کیلئے نئے اقدامات کا اعلان کیا ہے، ترجمان کے مطابق منصوبے کے تحت شہریوں کو بہتر سہولیات میسر آئیں گی۔ وزیراعظم نے کہا کہ حکومت ملک میں معاشی استحکام کیلئے تمام ممکنہ اقدامات کر رہی ہے اور عوام کو ریلیف فراہم کرنا اولین ترجیح ہے۔ انہوں نے کہا کہ صوبائی حکومتوں کے ساتھ مل کر ترقیاتی منصوبے مکمل کیے جائیں گے، اجلاس میں وفاقی وزرا اور اعلیٰ حکام نے شرکت کی جبکہ مختلف امور پر تفصیلی بریفنگ دی گئی۔ ذرائع کے مطابق ایران اور امریکہ کے درمیان مذاکرات کے حوالے سے پاکستان کا کردار اہمیت اختیار کر گیا ہے، وزیر خارجہ نے کہا کہ خطے میں امن کیلئے سفارتی کوششیں جاری رکھی جائیں گی۔ اقوام متحدہ کی رپورٹ کے مطابق ہزاروں افراد متاثر ہوئے ہیں اور امدادی سرگرمیاں جاری ہیں۔ مزید برآں عدالت نے کیس کی سماعت ملتوی کر دی اور فریقین کو آئندہ پیشی پر دلائل مکمل کرنے کی ہدایت کی۔ پنجاب حکومت نے عوامی سہولت کیلئے نئے اقدامات کا اعلان کیا ہے، ترجمان کے مطابق منصوبے کے تحت شہریوں کو بہتر سہولیات میسر آئیں گی۔

14
بقیہ

وزیراعظم نے کہا کہ حکومت ملک میں معاشی استحکام کیلئے تمام ممکنہ اقدامات کر رہی ہے اور عوام کو ریلیف فراہم کرنا اولین ترجیح ہے۔ انہوں نے کہا کہ صوبائی حکومتوں کے ساتھ مل کر ترقیاتی منصوبے مکمل کیے جائیں گے، اجلاس میں وفاقی وزرا اور اعلیٰ حکام نے شرکت کی جبکہ مختلف امور پر تفصیلی بریفنگ دی گئی۔ ذرائع کے مطابق ایران اور امریکہ کے درمیان مذاکرات کے حوالے سے پاکستان کا کردار اہمیت اختیار کر گیا ہے، وزیر خارجہ نے کہا کہ خطے میں امن کیلئے سفارتی کوششیں جاری رکھی جائیں گی۔ اقوام متحدہ کی رپورٹ کے مطابق ہزاروں افراد متاثر ہوئے ہیں اور امدادی سرگرمیاں جاری ہیں۔ مزید برآں عدالت نے کیس کی سماعت ملتوی کر دی اور فریقین کو آئندہ پیشی پر دلائل مکمل کرنے کی ہدایت کی۔ پنجاب حکومت نے عوامی سہولت کیلئے نئے اقدامات کا اعلان کیا ہے، ترجمان کے مطابق منصوبے کے تحت شہریوں کو بہتر سہولیات میسر آئیں گی۔ وزیراعظم نے کہا کہ حکومت ملک میں معاشی استحکام کیلئے تمام ممکنہ اقدامات کر رہی ہے اور عوام کو ریلیف فراہم کرنا اولین ترجیح ہے۔ انہوں نے کہا کہ صوبائی حکومتوں کے ساتھ مل کر ترقیاتی منصوبے مکمل کیے جائیں گے، اجلاس میں وفاقی وزرا اور اعلیٰ حکام نے شرکت کی جبکہ مختلف امور پر تفصیلی بریفنگ دی گئی۔ ذرائع کے مطابق ایران اور امریکہ کے درمیان مذاکرات کے حوالے سے پاکستان کا کردار اہمیت اختیار کر گیا ہے، وزیر خارجہ نے کہا کہ خطے میں امن کیلئے سفارتی کوششیں جاری رکھی جائیں گی۔ اقوام متحدہ کی رپورٹ کے مطابق ہزاروں افراد متاثر ہوئے ہیں اور امدادی سرگرمیاں جاری ہیں۔ مزید برآں عدالت نے کیس کی سماعت ملتوی کر دی اور فریقین کو آئندہ پیشی پر دلائل مکمل کرنے کی ہدایت کی۔ پنجاب حکومت نے عوامی سہولت کیلئے نئے اقدامات کا اعلان کیا ہے، ترجمان کے مطابق منصوبے کے تحت شہریوں کو بہتر سہولیات میسر آئیں گی۔

15
بقیہ

وزیراعظم نے کہا کہ حکومت ملک میں معاشی استحکام کیلئے تمام ممکنہ اقدامات کر رہی ہے اور عوام کو ریلیف فراہم کرنا اولین ترجیح ہے۔ انہوں نے کہا کہ صوبائی حکومتوں کے ساتھ مل کر ترقیاتی منصوبے مکمل کیے جائیں گے، اجلاس میں وفاقی وزرا اور اعلیٰ حکام نے شرکت کی جبکہ مختلف امور پر تفصیلی بریفنگ دی گئی۔ ذرائع کے مطابق ایران اور امریکہ کے درمیان مذاکرات کے حوالے سے پاکستان کا کردار اہمیت اختیار کر گیا ہے، وزیر خارجہ نے کہا کہ خطے میں امن کیلئے سفارتی کوششیں جاری رکھی جائیں گی۔ اقوام متحدہ کی رپورٹ کے مطابق ہزاروں افراد متاثر ہوئے ہیں اور امدادی سرگرمیاں جاری ہیں۔ مزید برآں عدالت نے کیس کی سماعت ملتوی کر دی اور فریقین کو آئندہ پیشی پر دلائل مکمل کرنے کی ہدایت کی۔ پنجاب حکومت نے عوامی سہولت کیلئے نئے اقدامات کا اعلان کیا ہے، ترجمان کے مطابق منصوبے کے تحت شہریوں کو بہتر سہولیات میسر آئیں گی۔ وزیراعظم نے کہا کہ حکومت ملک میں معاشی استحکام کیلئے تمام ممکنہ اقدامات کر رہی ہے اور عوام کو ریلیف فراہم کرنا اولین ترجیح ہے۔ انہوں نے کہا کہ صوبائی حکومتوں کے ساتھ مل کر ترقیاتی منصوبے مکمل کیے جائیں گے، اجلاس میں وفاقی وزرا اور اعلیٰ حکام نے شرکت کی جبکہ مختلف امور پر تفصیلی بریفنگ دی گئی۔ ذرائع کے مطابق ایران اور امریکہ کے درمیان مذاکرات کے حوالے سے پاکستان کا کردار اہمیت اختیار کر گیا ہے، وزیر خارجہ نے کہا کہ خطے میں امن کیلئے سفارتی کوششیں جاری رکھی جائیں گی۔ اقوام متحدہ کی رپورٹ کے مطابق ہزاروں افراد متاثر ہوئے ہیں اور امدادی سرگرمیاں جاری ہیں۔ مزید برآں عدالت نے کیس کی سماعت ملتوی کر دی اور فریقین کو آئندہ پیشی پر دلائل مکمل کرنے کی ہدایت کی۔ پنجاب حکومت نے عوامی سہولت کیلئے نئے اقدامات کا اعلان کیا ہے، ترجمان کے مطابق منصوبے کے تحت شہریوں کو بہتر سہولیات میسر آئیں گی۔

16
بقیہ
مل

وزیراعظم نے کہا کہ حکومت ملک میں معاشی استحکام کیلئے تمام ممکنہ اقدامات کر رہی ہے اور عوام کو ریلیف فراہم کرنا اولین ترجیح ہے۔ انہوں نے کہا کہ صوبائی حکومتوں کے ساتھ مل کر ترقیاتی منصوبے مکمل کیے جائیں گے، اجلاس میں وفاقی وزرا اور اعلیٰ حکام نے شرکت کی جبکہ مختلف امور پر تفصیلی بریفنگ دی گئی۔ ذرائع کے مطابق ایران اور امریکہ کے درمیان مذاکرات کے حوالے سے پاکستان کا کردار اہمیت اختیار کر گیا ہے، وزیر خارجہ نے کہا کہ خطے میں امن کیلئے سفارتی کوششیں جاری رکھی جائیں گی۔ اقوام متحدہ کی رپورٹ کے مطابق ہزاروں افراد متاثر ہوئے ہیں اور امدادی سرگرمیاں جاری ہیں۔ مزید برآں عدالت نے کیس کی سماعت ملتوی کر دی اور فریقین کو آئندہ پیشی پر دلائل مکمل کرنے کی ہدایت کی۔ پنجاب حکومت نے عوامی سہولت کیلئے نئے اقدامات کا اعلان کیا ہے، ترجمان کے مطابق منصوبے کے تحت شہریوں کو بہتر سہولیات میسر آئیں گی۔ وزیراعظم نے کہا کہ حکومت ملک میں معاشی استحکام کیلئے تمام ممکنہ اقدامات کر رہی ہے اور عوام کو ریلیف فراہم کرنا اولین ترجیح ہے۔ انہوں نے کہا کہ صوبائی حکومتوں کے ساتھ مل کر ترقیاتی منصوبے مکمل کیے جائیں گے، اجلاس میں وفاقی وزرا اور اعلیٰ حکام نے شرکت کی جبکہ مختلف امور پر تفصیلی بریفنگ دی گئی۔ ذرائع کے مطابق ایران اور امریکہ کے درمیان مذاکرات کے حوالے سے پاکستان کا کردار اہمیت اختیار کر گیا ہے، وزیر خارجہ نے کہا کہ خطے میں امن کیلئے سفارتی کوششیں جاری رکھی جائیں گی۔ اقوام متحدہ کی رپورٹ کے مطابق ہزاروں افراد متاثر ہوئے ہیں اور امدادی سرگرمیاں جاری ہیں۔ مزید برآں عدالت نے کیس کی سماعت ملتوی کر دی اور فریقین کو آئندہ پیشی پر دلائل مکمل کرنے کی ہدایت کی۔ پنجاب حکومت نے عوامی سہولت کیلئے نئے اقدامات کا اعلان کیا ہے، ترجمان کے مطابق منصوبے کے تحت شہریوں کو بہتر سہولیات میسر آئیں گی۔

17
بقیہ

وزیراعظم نے کہا کہ حکومت ملک میں معاشی استحکام کیلئے تمام ممکنہ اقدامات کر رہی ہے اور عوام کو ریلیف فراہم کرنا اولین ترجیح ہے۔ انہوں نے کہا کہ صوبائی حکومتوں کے ساتھ مل کر ترقیاتی منصوبے مکمل کیے جائیں گے، اجلاس میں وفاقی وزرا اور اعلیٰ حکام نے شرکت کی جبکہ مختلف امور پر تفصیلی بریفنگ دی گئی۔ ذرائع کے مطابق ایران اور امریکہ کے درمیان مذاکرات کے حوالے سے پاکستان کا کردار اہمیت اختیار کر گیا ہے، وزیر خارجہ نے کہا کہ خطے میں امن کیلئے سفارتی کوششیں جاری رکھی جائیں گی۔ اقوام متحدہ کی رپورٹ کے مطابق ہزاروں افراد متاثر ہوئے ہیں اور امدادی سرگرمیاں جاری ہیں۔ مزید برآں عدالت نے کیس کی سماعت ملتوی کر دی اور فریقین کو آئندہ پیشی پر دلائل مکمل کرنے کی ہدایت کی۔ پنجاب حکومت نے عوامی سہولت کیلئے نئے اقدامات کا اعلان کیا ہے، ترجمان کے مطابق منصوبے کے تحت شہریوں کو بہتر سہولیات میسر آئیں گی۔ وزیراعظم نے کہا کہ حکومت ملک میں معاشی استحکام کیلئے تمام ممکنہ اقدامات کر رہی ہے اور عوام کو ریلیف فراہم کرنا اولین ترجیح ہے۔ انہوں نے کہا کہ صوبائی حکومتوں کے ساتھ مل کر ترقیاتی منصوبے مکمل کیے جائیں گے، اجلاس میں وفاقی وزرا اور اعلیٰ حکام نے شرکت کی جبکہ مختلف امور پر تفصیلی بریفنگ دی گئی۔ ذرائع کے مطابق ایران اور امریکہ کے درمیان مذاکرات کے حوالے سے پاکستان کا کردار اہمیت اختیار کر گیا ہے، وزیر خارجہ نے کہا کہ خطے میں امن کیلئے سفارتی کوششیں جاری رکھی جائیں گی۔ اقوام متحدہ کی رپورٹ کے مطابق ہزاروں افراد متاثر ہوئے ہیں اور امدادی سرگرمیاں جاری ہیں۔ مزید برآں عدالت نے کیس کی سماعت ملتوی کر دی اور فریقین کو آئندہ پیشی پر دلائل مکمل کرنے کی ہدایت کی۔ پنجاب حکومت نے عوامی سہولت کیلئے نئے اقدامات کا اعلان کیا ہے، ترجمان کے مطابق منصوبے کے تحت شہریوں کو بہتر سہولیات میسر آئیں گی۔

وزیراعظم نے کہا کہ حکومت ملک میں معاشی استحکام کیلئے تمام ممکنہ اقدامات کر رہی ہے اور عوام کو ریلیف فراہم کرنا اولین ترجیح ہے۔ انہوں نے کہا کہ صوبائی حکومتوں کے ساتھ مل کر ترقیاتی منصوبے مکمل کیے جائیں گے، اجلاس میں وفاقی وزرا اور اعلیٰ حکام نے شرکت کی جبکہ مختلف امور پر تفصیلی بریفنگ دی گئی۔ ذرائع کے مطابق ایران اور امریکہ کے درمیان مذاکرات کے حوالے سے پاکستان کا کردار اہمیت اختیار کر گیا ہے، وزیر خارجہ نے کہا کہ خطے میں امن کیلئے سفارتی کوششیں جاری رکھی جائیں گی۔ اقوام متحدہ کی رپورٹ کے مطابق ہزاروں افراد متاثر ہوئے ہیں اور امدادی سرگرمیاں جاری ہیں۔ مزید برآں عدالت نے کیس کی سماعت ملتوی کر دی اور فریقین کو آئندہ پیشی پر دلائل مکمل کرنے کی ہدایت کی۔ پنجاب حکومت نے عوامی سہولت کیلئے نئے اقدامات کا اعلان کیا ہے، ترجمان کے مطابق منصوبے کے تحت شہریوں کو بہتر سہولیات میسر آئیں گی۔ وزیراعظم نے کہا کہ حکومت ملک میں معاشی استحکام کیلئے تمام ممکنہ اقدامات کر رہی ہے اور عوام کو ریلیف فراہم کرنا اولین ترجیح ہے۔ انہوں نے کہا کہ صوبائی حکومتوں کے ساتھ مل کر ترقیاتی منصوبے مکمل کیے جائیں گے، اجلاس میں وفاقی وزرا اور اعلیٰ حکام نے شرکت کی جبکہ مختلف امور پر تفصیلی بریفنگ دی گئی۔ ذرائع کے مطابق ایران اور امریکہ کے درمیان مذاکرات کے حوالے سے پاکستان کا کردار اہمیت اختیار کر گیا ہے، وزیر خارجہ نے کہا کہ خطے میں امن کیلئے سفارتی کوششیں جاری رکھی جائیں گی۔ اقوام متحدہ کی رپورٹ کے مطابق ہزاروں افراد متاثر ہوئے ہیں اور امدادی سرگرمیاں جاری ہیں۔ مزید برآں عدالت نے کیس کی سماعت ملتوی کر دی اور فریقین کو آئندہ پیشی پر دلائل مکمل کرنے کی ہدایت کی۔ پنجاب حکومت نے عوامی سہولت کیلئے نئے اقدامات کا اعلان کیا ہے، ترجمان کے مطابق منصوبے کے تحت شہریوں کو بہتر سہولیات میسر آئیں گی۔

18
بقیہ

وزیراعظم نے کہا کہ حکومت ملک میں معاشی استحکام کیلئے تمام ممکنہ اقدامات کر رہی ہے اور عوام کو ریلیف فراہم کرنا اولین ترجیح ہے۔ انہوں نے کہا کہ صوبائی حکومتوں کے ساتھ مل کر ترقیاتی منصوبے مکمل کیے جائیں گے، اجلاس میں وفاقی وزرا اور اعلیٰ حکام نے شرکت کی جبکہ مختلف امور پر تفصیلی بریفنگ دی گئی۔ ذرائع کے مطابق ایران اور امریکہ کے درمیان مذاکرات کے حوالے سے پاکستان کا کردار اہمیت اختیار کر گیا ہے، وزیر خارجہ نے کہا کہ خطے میں امن کیلئے سفارتی کوششیں جاری رکھی جائیں گی۔ اقوام متحدہ کی رپورٹ کے مطابق ہزاروں افراد متاثر ہوئے ہیں اور امدادی سرگرمیاں جاری ہیں۔ مزید برآں عدالت نے کیس کی سماعت ملتوی کر دی اور فریقین کو آئندہ پیشی پر دلائل مکمل کرنے کی ہدایت کی۔ پنجاب حکومت نے عوامی سہولت کیلئے نئے اقدامات کا اعلان کیا ہے، ترجمان کے مطابق منصوبے کے تحت شہریوں کو بہتر سہولیات میسر آئیں گی۔ وزیراعظم نے کہا کہ حکومت ملک میں معاشی استحکام کیلئے تمام ممکنہ اقدامات کر رہی ہے اور عوام کو ریلیف فراہم کرنا اولین ترجیح ہے۔ انہوں نے کہا کہ صوبائی حکومتوں کے ساتھ مل کر ترقیاتی منصوبے مکمل کیے جائیں گے، اجلاس میں وفاقی وزرا اور اعلیٰ حکام نے شرکت کی جبکہ مختلف امور پر تفصیلی بریفنگ دی گئی۔ ذرائع کے مطابق ایران اور امریکہ کے درمیان مذاکرات کے حوالے سے پاکستان کا کردار اہمیت اختیار کر گیا ہے، وزیر خارجہ نے کہا کہ خطے میں امن کیلئے سفارتی کوششیں جاری رکھی جائیں گی۔ اقوام متحدہ کی رپورٹ کے مطابق ہزاروں افراد متاثر ہوئے ہیں اور امدادی سرگرمیاں جاری ہیں۔ مزید برآں عدالت نے کیس کی سماعت ملتوی کر دی اور فریقین کو آئندہ پیشی پر دلائل مکمل کرنے کی ہدایت کی۔ پنجاب حکومت نے عوامی سہولت کیلئے نئے اقدامات کا اعلان کیا ہے، ترجمان کے مطابق منصوبے کے تحت شہریوں کو بہتر سہولیات میسر آئیں گی۔

19
بقیہ
گورنر کے پی

وزیراعظم نے کہا کہ حکومت ملک میں معاشی استحکام کیلئے تمام ممکنہ اقدامات کر رہی ہے اور عوام کو ریلیف فراہم کرنا اولین ترجیح ہے۔ انہوں نے کہا کہ صوبائی حکومتوں کے ساتھ مل کر ترقیاتی منصوبے مکمل کیے جائیں گے، اجلاس میں وفاقی وزرا اور اعلیٰ حکام نے شرکت کی جبکہ مختلف امور پر تفصیلی بریفنگ دی گئی۔ ذرائع کے مطابق ایران اور امریکہ کے درمیان مذاکرات کے حوالے سے پاکستان کا کردار اہمیت اختیار کر گیا ہے، وزیر خارجہ نے کہا کہ خطے میں امن کیلئے سفارتی کوششیں جاری رکھی جائیں گی۔ اقوام متحدہ کی رپورٹ کے مطابق ہزاروں افراد متاثر ہوئے ہیں اور امدادی سرگرمیاں جاری ہیں۔ مزید برآں عدالت نے کیس کی سماعت ملتوی کر دی اور فریقین کو آئندہ پیشی پر دلائل مکمل کرنے کی ہدایت کی۔ پنجاب حکومت نے عوامی سہولت کیلئے نئے اقدامات کا اعلان کیا ہے، ترجمان کے مطابق منصوبے کے تحت شہریوں کو بہتر سہولیات میسر آئیں گی۔ وزیراعظم نے کہا کہ حکومت ملک میں معاشی استحکام کیلئے تمام ممکنہ اقدامات کر رہی ہے اور عوام کو ریلیف فراہم کرنا اولین ترجیح ہے۔ انہوں نے کہا کہ صوبائی حکومتوں کے ساتھ مل کر ترقیاتی منصوبے مکمل کیے جائیں گے، اجلاس میں وفاقی وزرا اور اعلیٰ حکام نے شرکت کی جبکہ مختلف امور پر تفصیلی بریفنگ دی گئی۔ ذرائع کے مطابق ایران اور امریکہ کے درمیان مذاکرات کے حوالے سے پاکستان کا کردار اہمیت اختیار کر گیا ہے، وزیر خارجہ نے کہا کہ خطے میں امن کیلئے سفارتی کوششیں جاری رکھی جائیں گی۔ اقوام متحدہ کی رپورٹ کے مطابق ہزاروں افراد متاثر ہوئے ہیں اور امدادی سرگرمیاں جاری ہیں۔ مزید برآں عدالت نے کیس کی سماعت ملتوی کر دی اور فریقین کو آئندہ پیشی پر دلائل مکمل کرنے کی ہدایت کی۔ پنجاب حکومت نے عوامی سہولت کیلئے نئے اقدامات کا اعلان کیا ہے، ترجمان کے مطابق منصوبے کے تحت شہریوں کو بہتر سہولیات میسر آئیں گی۔

20
بقیہ

https://mib.punjab.gov.pk

وزیراعظم نے کہا کہ حکومت ملک میں معاشی استحکام کیلئے تمام ممکنہ اقدامات کر رہی ہے اور عوام کو ریلیف فراہم کرنا اولین ترجیح ہے۔ انہوں نے کہا کہ صوبائی حکومتوں کے ساتھ مل کر ترقیاتی منصوبے مکمل کیے جائیں گے، اجلاس میں وفاقی وزرا اور اعلیٰ حکام نے شرکت کی جبکہ مختلف امور پر تفصیلی بریفنگ دی گئی۔ ذرائع کے مطابق ایران اور امریکہ کے درمیان مذاکرات کے حوالے سے پاکستان کا کردار اہمیت اختیار کر گیا ہے، وزیر خارجہ نے کہا کہ خطے میں امن کیلئے سفارتی کوششیں جاری رکھی جائیں گی۔ اقوام متحدہ کی رپورٹ کے مطابق ہزاروں افراد متاثر ہوئے ہیں اور امدادی سرگرمیاں جاری ہیں۔ مزید برآں عدالت نے کیس کی سماعت ملتوی کر دی اور فریقین کو آئندہ پیشی پر دلائل مکمل کرنے کی ہدایت کی۔ پنجاب حکومت نے عوامی سہولت کیلئے نئے اقدامات کا اعلان کیا ہے، ترجمان کے مطابق منصوبے کے تحت شہریوں کو بہتر سہولیات میسر آئیں گی۔ وزیراعظم نے کہا کہ حکومت ملک میں معاشی استحکام کیلئے تمام ممکنہ اقدامات کر رہی ہے اور عوام کو ریلیف فراہم کرنا اولین ترجیح ہے۔ انہوں نے کہا کہ صوبائی حکومتوں کے ساتھ مل کر ترقیاتی منصوبے مکمل کیے جائیں گے، اجلاس میں وفاقی وزرا اور اعلیٰ حکام نے شرکت کی جبکہ مختلف امور پر تفصیلی بریفنگ دی گئی۔ ذرائع کے مطابق ایران اور امریکہ کے درمیان مذاکرات کے حوالے سے پاکستان کا کردار اہمیت اختیار کر گیا ہے، وزیر خارجہ نے کہا کہ خطے میں امن کیلئے سفارتی کوششیں جاری رکھی جائیں گی۔ اقوام متحدہ کی رپورٹ کے مطابق ہزاروں افراد متاثر ہوئے ہیں اور امدادی سرگرمیاں جاری ہیں۔ مزید برآں عدالت نے کیس کی سماعت ملتوی کر دی اور فریقین کو آئندہ پیشی پر دلائل مکمل کرنے کی ہدایت کی۔ پنجاب حکومت نے عوامی سہولت کیلئے نئے اقدامات کا اعلان کیا ہے، ترجمان کے مطابق منصوبے کے تحت شہریوں کو بہتر سہولیات میسر آئیں گی۔

21
بقیہ

وزیراعظم نے کہا کہ حکومت ملک میں معاشی استحکام کیلئے تمام ممکنہ اقدامات کر رہی ہے اور عوام کو ریلیف فراہم کرنا اولین ترجیح ہے۔ انہوں نے کہا کہ صوبائی حکومتوں کے ساتھ مل کر ترقیاتی منصوبے مکمل کیے جائیں گے، اجلاس میں وفاقی وزرا اور اعلیٰ حکام نے شرکت کی جبکہ مختلف امور پر تفصیلی بریفنگ دی گئی۔ ذرائع کے مطابق ایران اور امریکہ کے درمیان مذاکرات کے حوالے سے پاکستان کا کردار اہمیت اختیار کر گیا ہے، وزیر خارجہ نے کہا کہ خطے میں امن کیلئے سفارتی کوششیں جاری رکھی جائیں گی۔ اقوام متحدہ کی رپورٹ کے مطابق ہزاروں افراد متاثر ہوئے ہیں اور امدادی سرگرمیاں جاری ہیں۔ مزید برآں عدالت نے کیس کی سماعت ملتوی کر دی اور فریقین کو آئندہ پیشی پر دلائل مکمل کرنے کی ہدایت کی۔ پنجاب حکومت نے عوامی سہولت کیلئے نئے اقدامات کا اعلان کیا ہے، ترجمان کے مطابق منصوبے کے تحت شہریوں کو بہتر سہولیات میسر آئیں گی۔ وزیراعظم نے کہا کہ حکومت ملک میں معاشی استحکام کیلئے تمام ممکنہ اقدامات کر رہی ہے اور عوام کو ریلیف فراہم کرنا اولین ترجیح ہے۔ انہوں نے کہا کہ صوبائی حکومتوں کے ساتھ مل کر ترقیاتی منصوبے مکمل کیے جائیں گے، اجلاس میں وفاقی وزرا اور اعلیٰ حکام نے شرکت کی جبکہ مختلف امور پر تفصیلی بریفنگ دی گئی۔ ذرائع کے مطابق ایران اور امریکہ کے درمیان مذاکرات کے حوالے سے پاکستان کا کردار اہمیت اختیار کر گیا ہے، وزیر خارجہ نے کہا کہ خطے میں امن کیلئے سفارتی کوششیں جاری رکھی جائیں گی۔ اقوام متحدہ کی رپورٹ کے مطابق ہزاروں افراد متاثر ہوئے ہیں اور امدادی سرگرمیاں جاری ہیں۔ مزید برآں عدالت نے کیس کی سماعت ملتوی کر دی اور فریقین کو آئندہ پیشی پر دلائل مکمل کرنے کی ہدایت کی۔ پنجاب حکومت نے عوامی سہولت کیلئے نئے اقدامات کا اعلان کیا ہے، ترجمان کے مطابق منصوبے کے تحت شہریوں کو بہتر سہولیات میسر آئیں گی۔
